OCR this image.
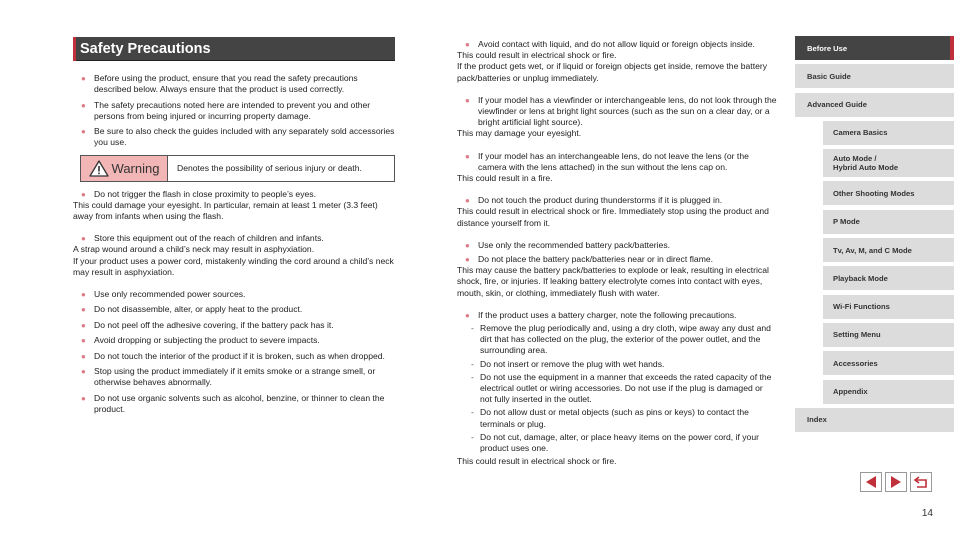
Safety Precautions
● Before using the product, ensure that you read the safety precautions described below. Always ensure that the product is used correctly.
● The safety precautions noted here are intended to prevent you and other persons from being injured or incurring property damage.
● Be sure to also check the guides included with any separately sold accessories you use.
Warning	Denotes the possibility of serious injury or death.
● Do not trigger the flash in close proximity to people’s eyes.
This could damage your eyesight. In particular, remain at least 1 meter (3.3 feet) away from infants when using the flash.
● Store this equipment out of the reach of children and infants.
A strap wound around a child’s neck may result in asphyxiation.
If your product uses a power cord, mistakenly winding the cord around a child’s neck may result in asphyxiation.
● Use only recommended power sources.
● Do not disassemble, alter, or apply heat to the product.
● Do not peel off the adhesive covering, if the battery pack has it.
● Avoid dropping or subjecting the product to severe impacts.
● Do not touch the interior of the product if it is broken, such as when dropped.
● Stop using the product immediately if it emits smoke or a strange smell, or otherwise behaves abnormally.
● Do not use organic solvents such as alcohol, benzine, or thinner to clean the product.
● Avoid contact with liquid, and do not allow liquid or foreign objects inside.
This could result in electrical shock or fire.
If the product gets wet, or if liquid or foreign objects get inside, remove the battery pack/batteries or unplug immediately.
● If your model has a viewfinder or interchangeable lens, do not look through the viewfinder or lens at bright light sources (such as the sun on a clear day, or a bright artificial light source).
This may damage your eyesight.
● If your model has an interchangeable lens, do not leave the lens (or the camera with the lens attached) in the sun without the lens cap on.
This could result in a fire.
● Do not touch the product during thunderstorms if it is plugged in.
This could result in electrical shock or fire. Immediately stop using the product and distance yourself from it.
● Use only the recommended battery pack/batteries.
● Do not place the battery pack/batteries near or in direct flame.
This may cause the battery pack/batteries to explode or leak, resulting in electrical shock, fire, or injuries. If leaking battery electrolyte comes into contact with eyes, mouth, skin, or clothing, immediately flush with water.
● If the product uses a battery charger, note the following precautions.
- Remove the plug periodically and, using a dry cloth, wipe away any dust and dirt that has collected on the plug, the exterior of the power outlet, and the surrounding area.
- Do not insert or remove the plug with wet hands.
- Do not use the equipment in a manner that exceeds the rated capacity of the electrical outlet or wiring accessories. Do not use if the plug is damaged or not fully inserted in the outlet.
- Do not allow dust or metal objects (such as pins or keys) to contact the terminals or plug.
- Do not cut, damage, alter, or place heavy items on the power cord, if your product uses one.
This could result in electrical shock or fire.
Before Use
Basic Guide
Advanced Guide
Camera Basics
Auto Mode /
Hybrid Auto Mode
Other Shooting Modes
P Mode
Tv, Av, M, and C Mode
Playback Mode
Wi-Fi Functions
Setting Menu
Accessories
Appendix
Index
14
